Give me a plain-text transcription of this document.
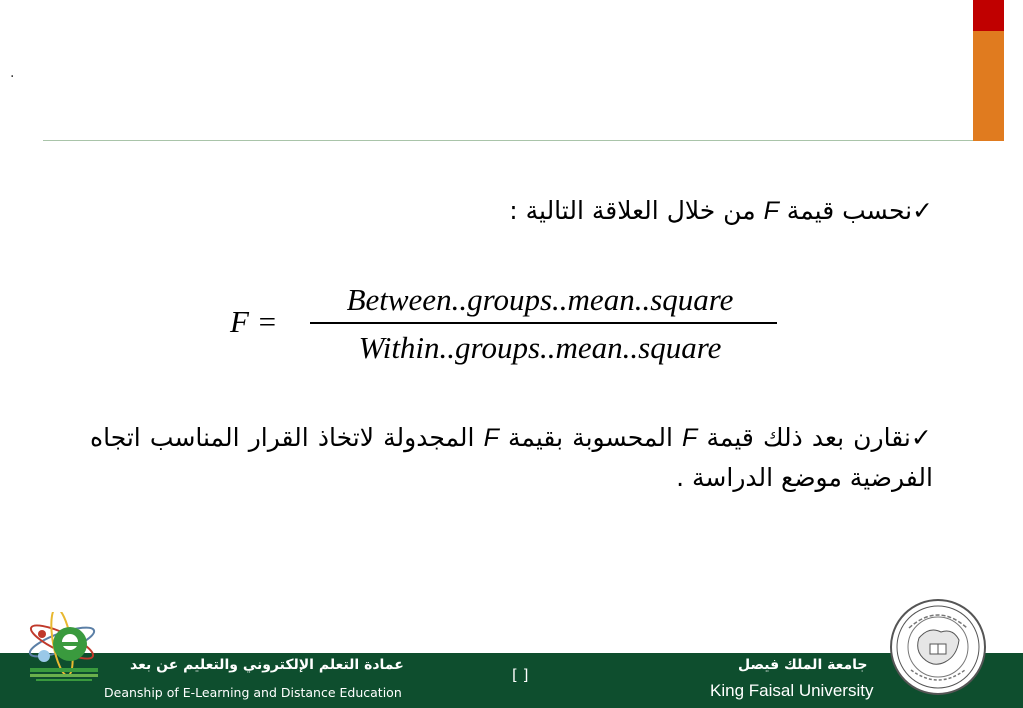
.
✓نحسب قيمة F من خلال العلاقة التالية :
F =
Between..groups..mean..square
Within..groups..mean..square
✓نقارن بعد ذلك قيمة F المحسوبة بقيمة F المجدولة لاتخاذ القرار المناسب اتجاه الفرضية موضع الدراسة .
عمادة التعلم الإلكتروني والتعليم عن بعد
Deanship of E-Learning and Distance Education
[ ]
جامعة الملك فيصل
King Faisal University
